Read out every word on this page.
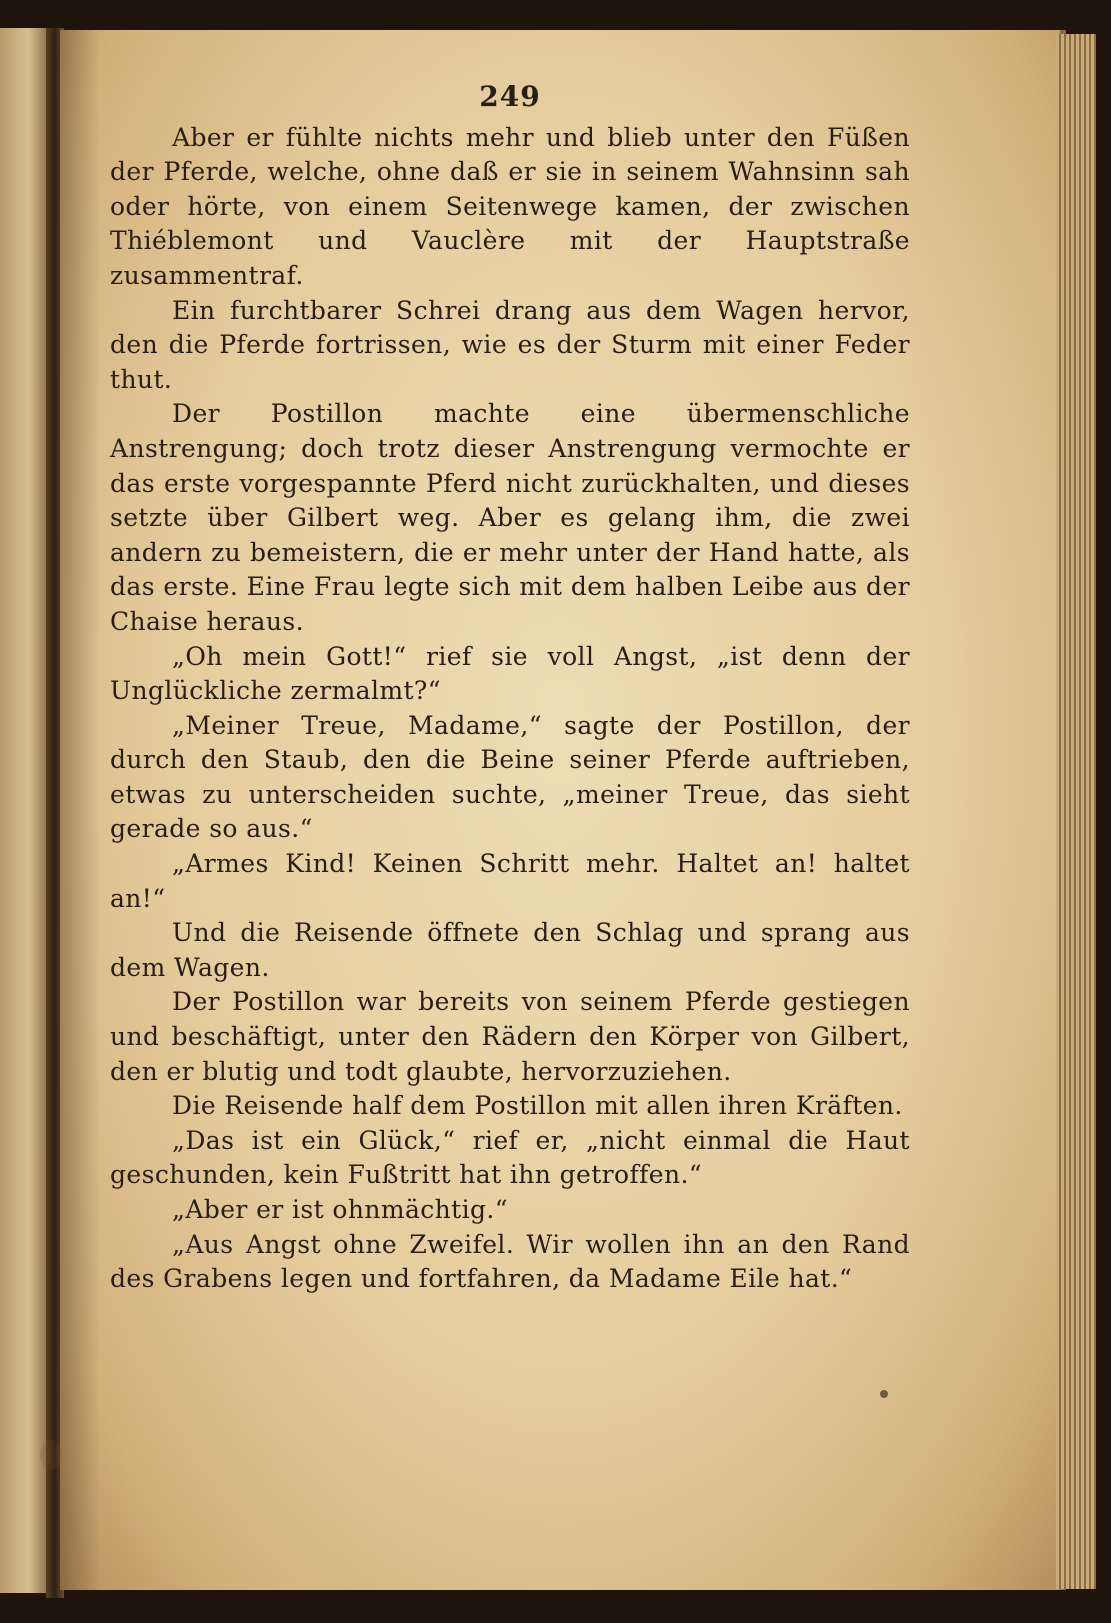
249

Aber er fühlte nichts mehr und blieb unter den Füßen der Pferde, welche, ohne daß er sie in seinem Wahnsinn sah oder hörte, von einem Seitenwege kamen, der zwischen Thiéblemont und Vauclère mit der Hauptstraße zusammentraf.

Ein furchtbarer Schrei drang aus dem Wagen hervor, den die Pferde fortrissen, wie es der Sturm mit einer Feder thut.

Der Postillon machte eine übermenschliche Anstrengung; doch trotz dieser Anstrengung vermochte er das erste vorgespannte Pferd nicht zurückhalten, und dieses setzte über Gilbert weg. Aber es gelang ihm, die zwei andern zu bemeistern, die er mehr unter der Hand hatte, als das erste. Eine Frau legte sich mit dem halben Leibe aus der Chaise heraus.

„Oh mein Gott!“ rief sie voll Angst, „ist denn der Unglückliche zermalmt?“

„Meiner Treue, Madame,“ sagte der Postillon, der durch den Staub, den die Beine seiner Pferde auftrieben, etwas zu unterscheiden suchte, „meiner Treue, das sieht gerade so aus.“

„Armes Kind! Keinen Schritt mehr. Haltet an! haltet an!“

Und die Reisende öffnete den Schlag und sprang aus dem Wagen.

Der Postillon war bereits von seinem Pferde gestiegen und beschäftigt, unter den Rädern den Körper von Gilbert, den er blutig und todt glaubte, hervorzuziehen.

Die Reisende half dem Postillon mit allen ihren Kräften.

„Das ist ein Glück,“ rief er, „nicht einmal die Haut geschunden, kein Fußtritt hat ihn getroffen.“

„Aber er ist ohnmächtig.“

„Aus Angst ohne Zweifel. Wir wollen ihn an den Rand des Grabens legen und fortfahren, da Madame Eile hat.“
